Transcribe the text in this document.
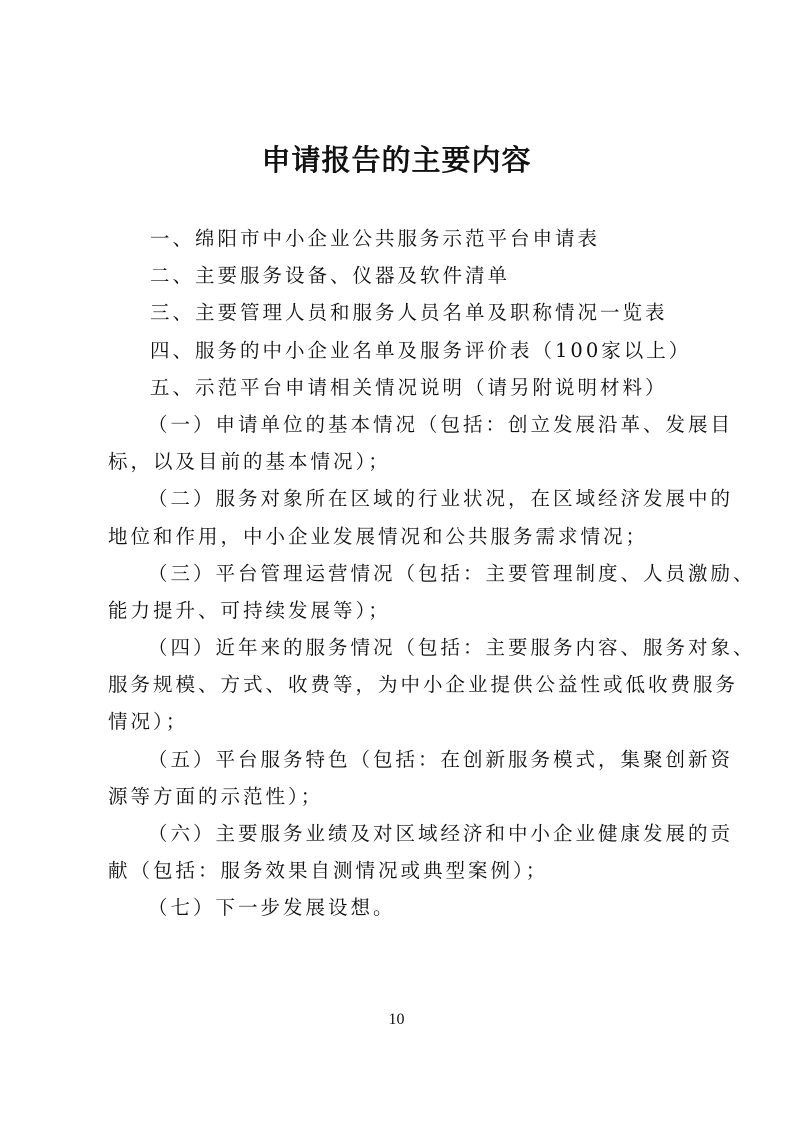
申请报告的主要内容
一、绵阳市中小企业公共服务示范平台申请表
二、主要服务设备、仪器及软件清单
三、主要管理人员和服务人员名单及职称情况一览表
四、服务的中小企业名单及服务评价表（100家以上）
五、示范平台申请相关情况说明（请另附说明材料）
（一）申请单位的基本情况（包括：创立发展沿革、发展目
标，以及目前的基本情况）；
（二）服务对象所在区域的行业状况，在区域经济发展中的
地位和作用，中小企业发展情况和公共服务需求情况；
（三）平台管理运营情况（包括：主要管理制度、人员激励、
能力提升、可持续发展等）；
（四）近年来的服务情况（包括：主要服务内容、服务对象、
服务规模、方式、收费等，为中小企业提供公益性或低收费服务
情况）；
（五）平台服务特色（包括：在创新服务模式，集聚创新资
源等方面的示范性）；
（六）主要服务业绩及对区域经济和中小企业健康发展的贡
献（包括：服务效果自测情况或典型案例）；
（七）下一步发展设想。
10
